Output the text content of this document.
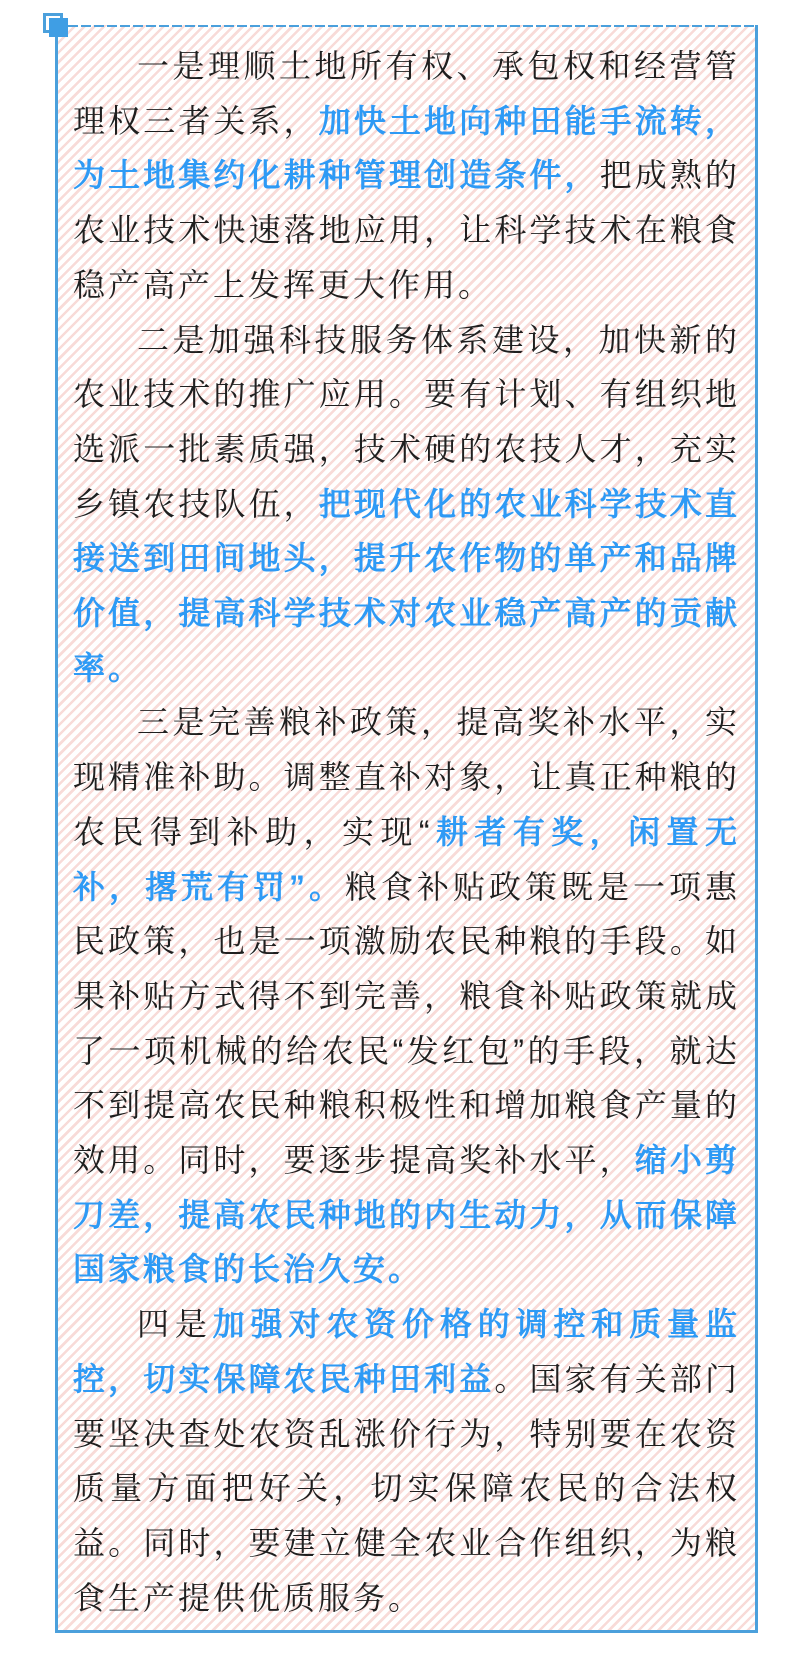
一是理顺土地所有权、承包权和经营管理权三者关系，加快土地向种田能手流转，为土地集约化耕种管理创造条件，把成熟的农业技术快速落地应用，让科学技术在粮食稳产高产上发挥更大作用。

二是加强科技服务体系建设，加快新的农业技术的推广应用。要有计划、有组织地选派一批素质强，技术硬的农技人才，充实乡镇农技队伍，把现代化的农业科学技术直接送到田间地头，提升农作物的单产和品牌价值，提高科学技术对农业稳产高产的贡献率。

三是完善粮补政策，提高奖补水平，实现精准补助。调整直补对象，让真正种粮的农民得到补助，实现“耕者有奖，闲置无补，撂荒有罚”。粮食补贴政策既是一项惠民政策，也是一项激励农民种粮的手段。如果补贴方式得不到完善，粮食补贴政策就成了一项机械的给农民“发红包”的手段，就达不到提高农民种粮积极性和增加粮食产量的效用。同时，要逐步提高奖补水平，缩小剪刀差，提高农民种地的内生动力，从而保障国家粮食的长治久安。

四是加强对农资价格的调控和质量监控，切实保障农民种田利益。国家有关部门要坚决查处农资乱涨价行为，特别要在农资质量方面把好关，切实保障农民的合法权益。同时，要建立健全农业合作组织，为粮食生产提供优质服务。
